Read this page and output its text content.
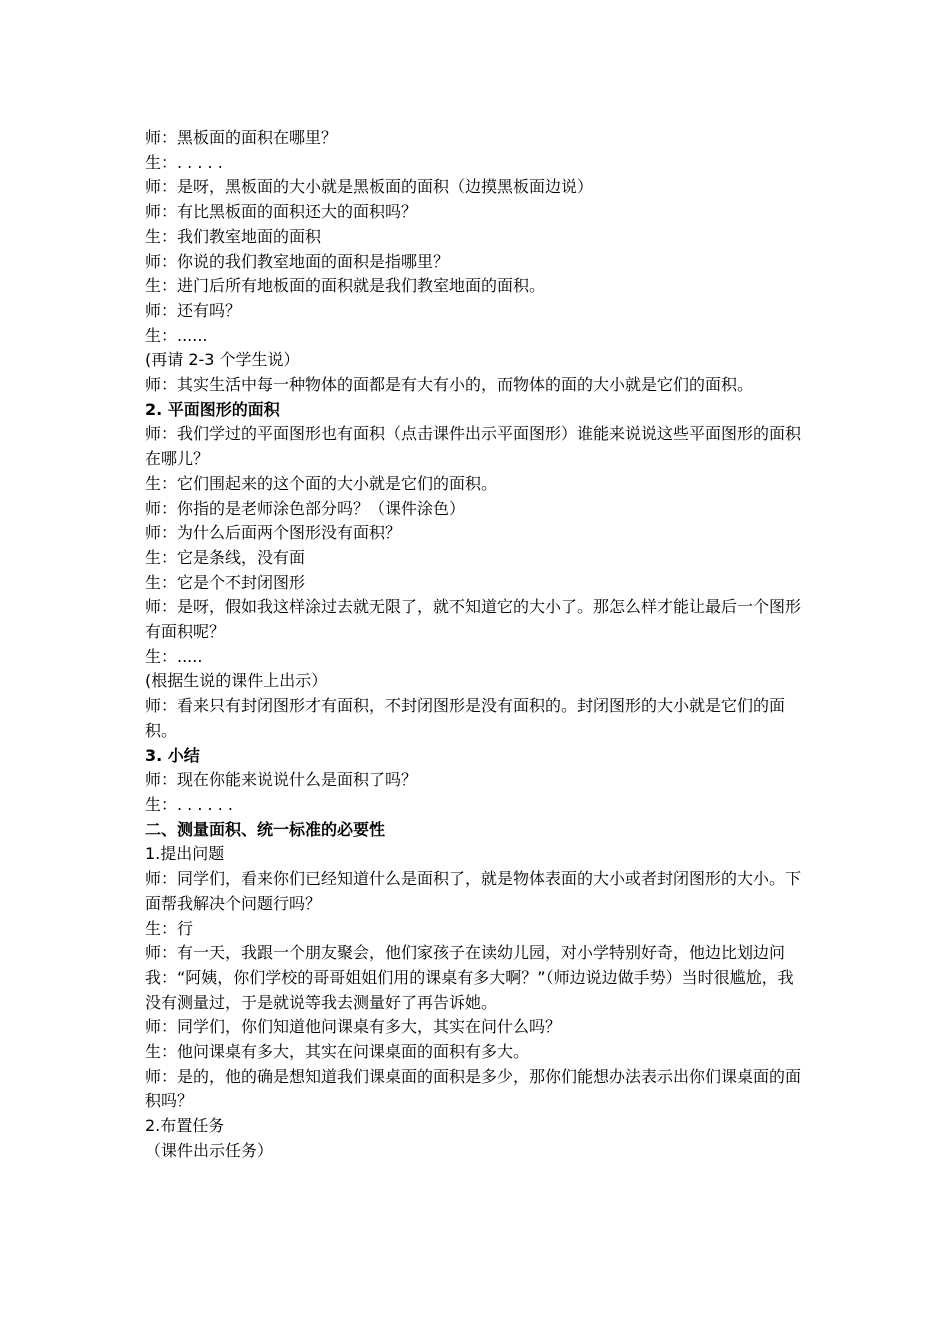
师：黑板面的面积在哪里？

生：. . . . .

师：是呀，黑板面的大小就是黑板面的面积（边摸黑板面边说）

师：有比黑板面的面积还大的面积吗？

生：我们教室地面的面积

师：你说的我们教室地面的面积是指哪里？

生：进门后所有地板面的面积就是我们教室地面的面积。

师：还有吗？

生：......

(再请 2-3 个学生说）

师：其实生活中每一种物体的面都是有大有小的，而物体的面的大小就是它们的面积。

2. 平面图形的面积

师：我们学过的平面图形也有面积（点击课件出示平面图形）谁能来说说这些平面图形的面积在哪儿？

生：它们围起来的这个面的大小就是它们的面积。

师：你指的是老师涂色部分吗？（课件涂色）

师：为什么后面两个图形没有面积？

生：它是条线，没有面

生：它是个不封闭图形

师：是呀，假如我这样涂过去就无限了，就不知道它的大小了。那怎么样才能让最后一个图形有面积呢？

生：.....

(根据生说的课件上出示）

师：看来只有封闭图形才有面积，不封闭图形是没有面积的。封闭图形的大小就是它们的面积。

3. 小结

师：现在你能来说说什么是面积了吗？

生：. . . . . .

二、测量面积、统一标准的必要性

1.提出问题

师：同学们，看来你们已经知道什么是面积了，就是物体表面的大小或者封闭图形的大小。下面帮我解决个问题行吗？

生：行

师：有一天，我跟一个朋友聚会，他们家孩子在读幼儿园，对小学特别好奇，他边比划边问我：“阿姨，你们学校的哥哥姐姐们用的课桌有多大啊？”（师边说边做手势）当时很尴尬，我没有测量过，于是就说等我去测量好了再告诉她。

师：同学们，你们知道他问课桌有多大，其实在问什么吗？

生：他问课桌有多大，其实在问课桌面的面积有多大。

师：是的，他的确是想知道我们课桌面的面积是多少，那你们能想办法表示出你们课桌面的面积吗？

2.布置任务

（课件出示任务）
